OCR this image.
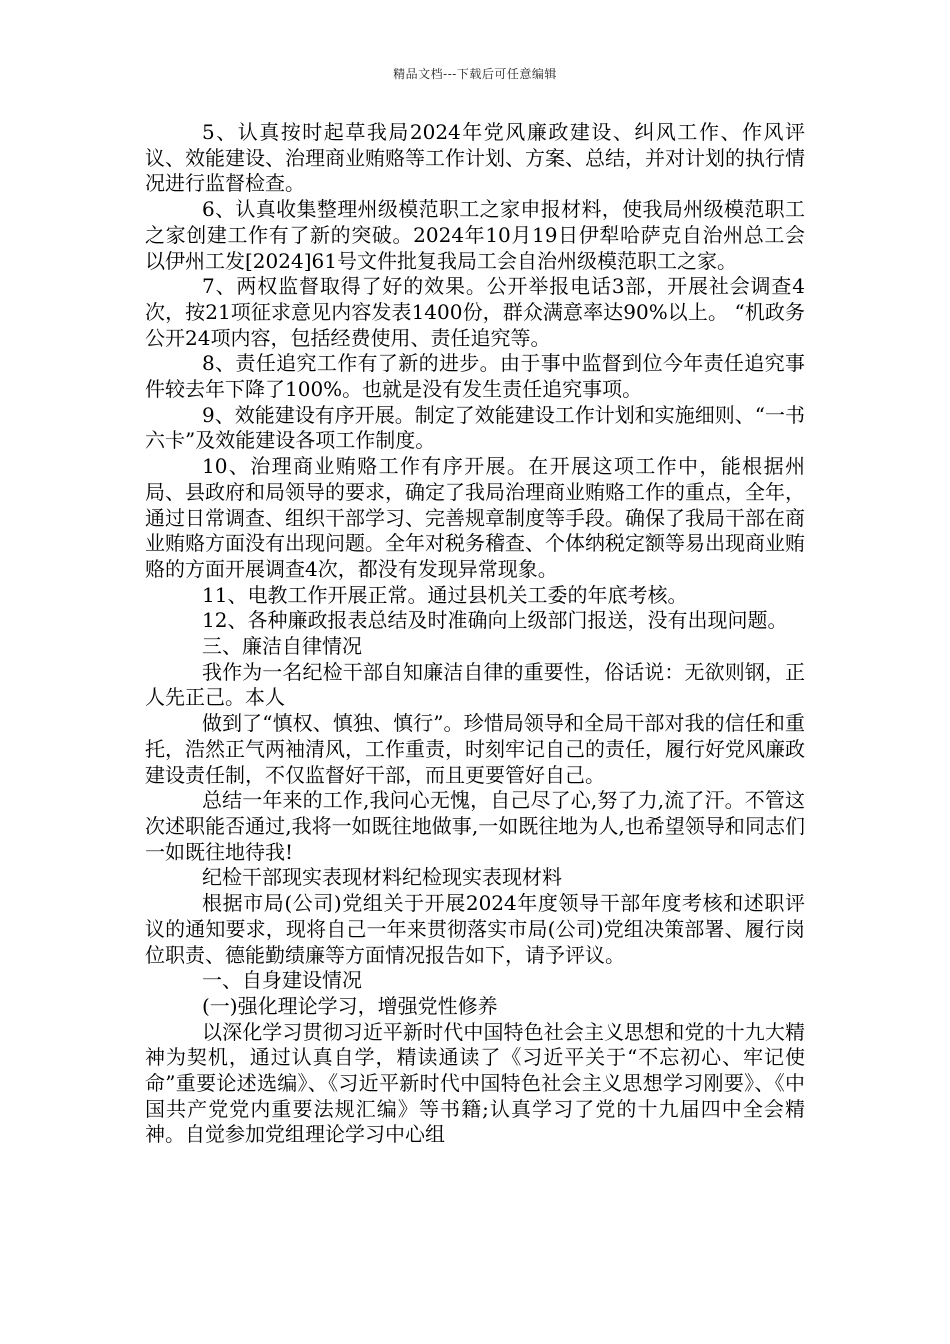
精品文档---下载后可任意编辑

5、认真按时起草我局2024年党风廉政建设、纠风工作、作风评议、效能建设、治理商业贿赂等工作计划、方案、总结，并对计划的执行情况进行监督检查。

6、认真收集整理州级模范职工之家申报材料，使我局州级模范职工之家创建工作有了新的突破。2024年10月19日伊犁哈萨克自治州总工会以伊州工发[2024]61号文件批复我局工会自治州级模范职工之家。

7、两权监督取得了好的效果。公开举报电话3部，开展社会调查4次，按21项征求意见内容发表1400份，群众满意率达90%以上。 “机政务公开24项内容，包括经费使用、责任追究等。

8、责任追究工作有了新的进步。由于事中监督到位今年责任追究事件较去年下降了100%。也就是没有发生责任追究事项。

9、效能建设有序开展。制定了效能建设工作计划和实施细则、“一书六卡”及效能建设各项工作制度。

10、治理商业贿赂工作有序开展。在开展这项工作中，能根据州局、县政府和局领导的要求，确定了我局治理商业贿赂工作的重点，全年，通过日常调查、组织干部学习、完善规章制度等手段。确保了我局干部在商业贿赂方面没有出现问题。全年对税务稽查、个体纳税定额等易出现商业贿赂的方面开展调查4次，都没有发现异常现象。

11、电教工作开展正常。通过县机关工委的年底考核。

12、各种廉政报表总结及时准确向上级部门报送，没有出现问题。

三、廉洁自律情况

我作为一名纪检干部自知廉洁自律的重要性，俗话说：无欲则钢，正人先正己。本人

做到了“慎权、慎独、慎行”。珍惜局领导和全局干部对我的信任和重托，浩然正气两袖清风，工作重责，时刻牢记自己的责任，履行好党风廉政建设责任制，不仅监督好干部，而且更要管好自己。

总结一年来的工作,我问心无愧，自己尽了心,努了力,流了汗。不管这次述职能否通过,我将一如既往地做事,一如既往地为人,也希望领导和同志们一如既往地待我!

纪检干部现实表现材料纪检现实表现材料

根据市局(公司)党组关于开展2024年度领导干部年度考核和述职评议的通知要求，现将自己一年来贯彻落实市局(公司)党组决策部署、履行岗位职责、德能勤绩廉等方面情况报告如下，请予评议。

一、自身建设情况

(一)强化理论学习，增强党性修养

以深化学习贯彻习近平新时代中国特色社会主义思想和党的十九大精神为契机，通过认真自学，精读通读了《习近平关于“不忘初心、牢记使命”重要论述选编》、《习近平新时代中国特色社会主义思想学习刚要》、《中国共产党党内重要法规汇编》等书籍;认真学习了党的十九届四中全会精神。自觉参加党组理论学习中心组
